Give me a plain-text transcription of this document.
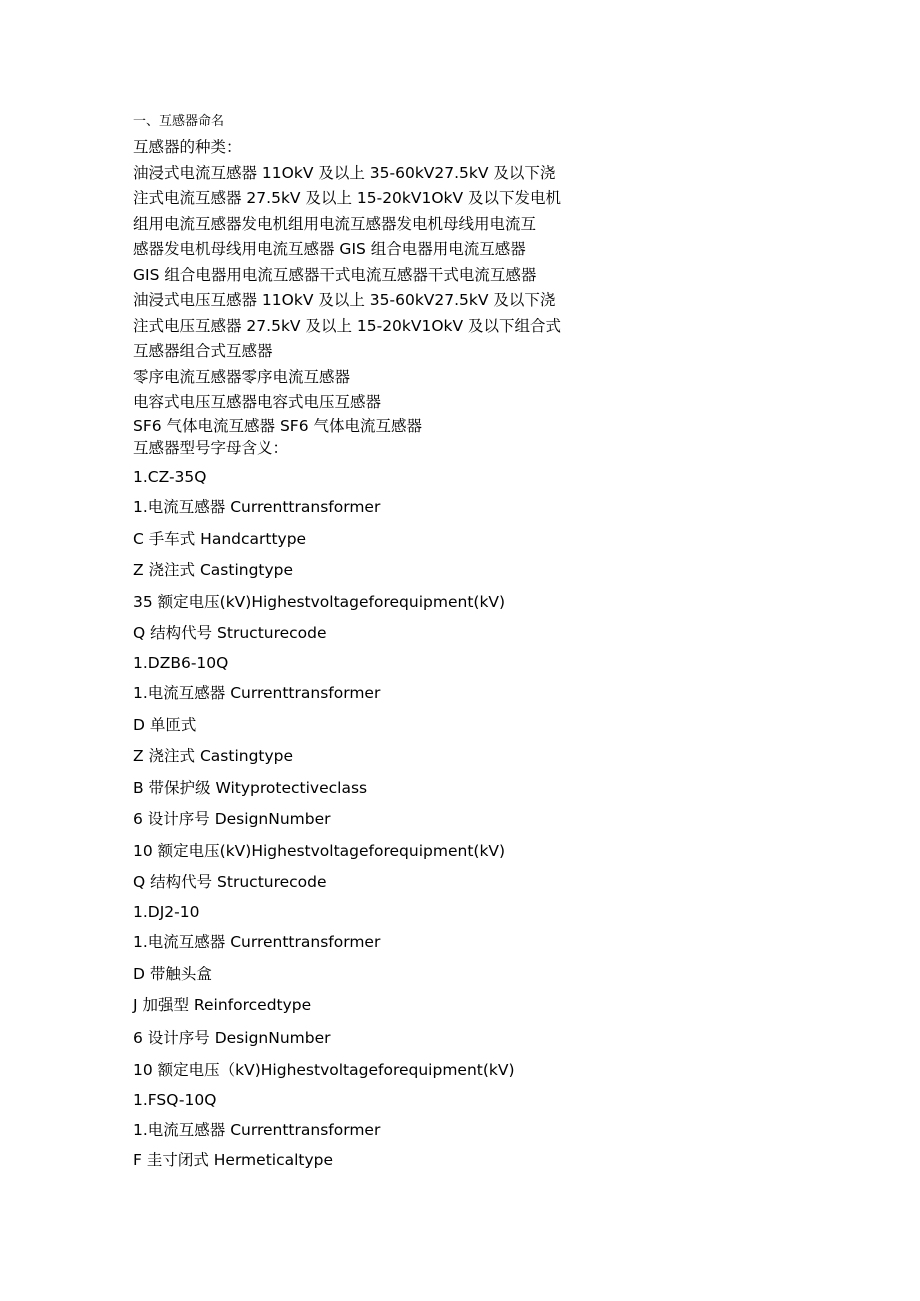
一、互感器命名
互感器的种类：
油浸式电流互感器 11OkV 及以上 35-60kV27.5kV 及以下浇
注式电流互感器 27.5kV 及以上 15-20kV1OkV 及以下发电机
组用电流互感器发电机组用电流互感器发电机母线用电流互
感器发电机母线用电流互感器 GIS 组合电器用电流互感器
GIS 组合电器用电流互感器干式电流互感器干式电流互感器
油浸式电压互感器 11OkV 及以上 35-60kV27.5kV 及以下浇
注式电压互感器 27.5kV 及以上 15-20kV1OkV 及以下组合式
互感器组合式互感器
零序电流互感器零序电流互感器
电容式电压互感器电容式电压互感器
SF6 气体电流互感器 SF6 气体电流互感器
互感器型号字母含义：
1.CZ-35Q
1.电流互感器 Currenttransformer
C 手车式 Handcarttype
Z 浇注式 Castingtype
35 额定电压(kV)Highestvoltageforequipment(kV)
Q 结构代号 Structurecode
1.DZB6-10Q
1.电流互感器 Currenttransformer
D 单匝式
Z 浇注式 Castingtype
B 带保护级 Wityprotectiveclass
6 设计序号 DesignNumber
10 额定电压(kV)Highestvoltageforequipment(kV)
Q 结构代号 Structurecode
1.DJ2-10
1.电流互感器 Currenttransformer
D 带触头盒
J 加强型 Reinforcedtype
6 设计序号 DesignNumber
10 额定电压（kV)Highestvoltageforequipment(kV)
1.FSQ-10Q
1.电流互感器 Currenttransformer
F 圭寸闭式 Hermeticaltype
